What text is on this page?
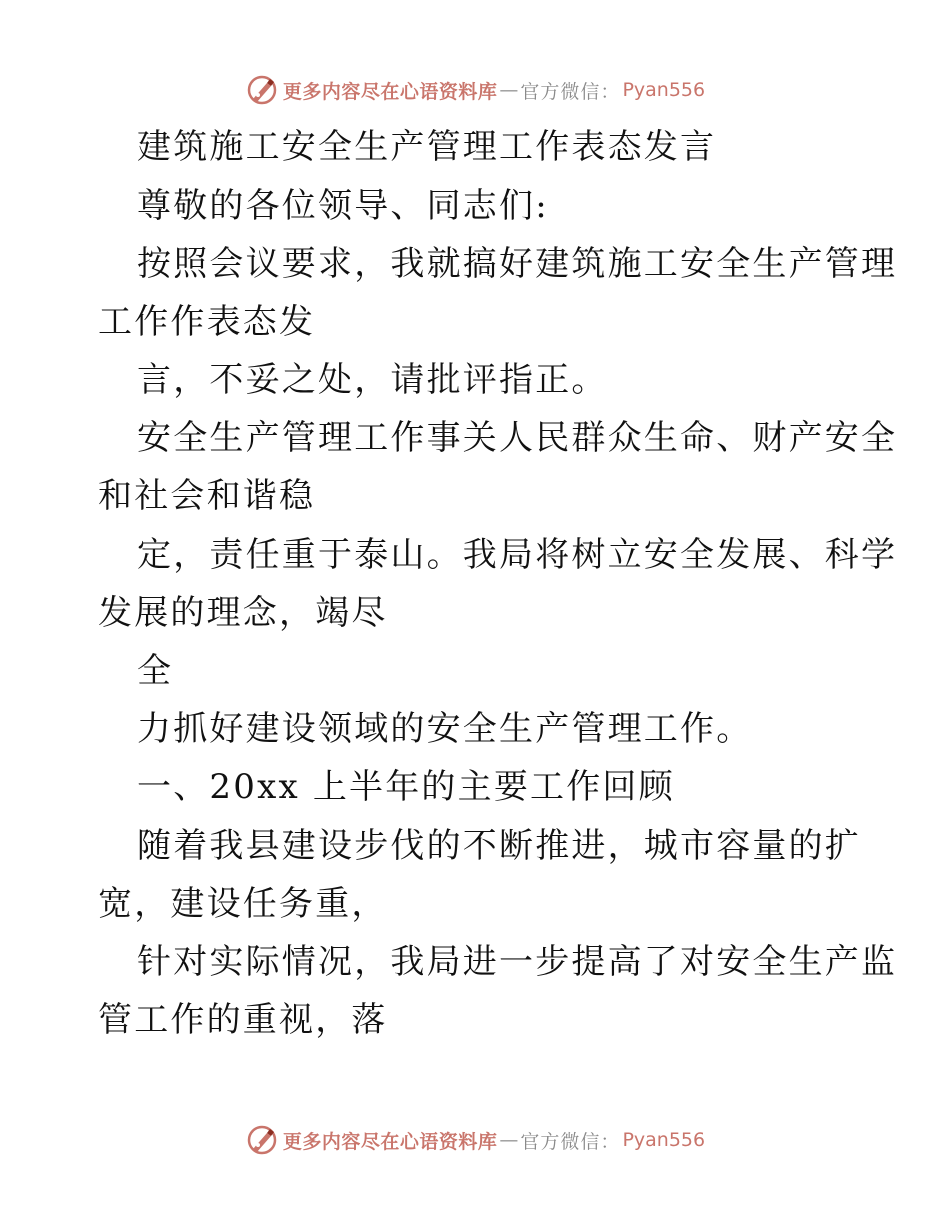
更多内容尽在心语资料库 — 官方微信： Pyan556
建筑施工安全生产管理工作表态发言
尊敬的各位领导、同志们:
按照会议要求，我就搞好建筑施工安全生产管理
工作作表态发
言，不妥之处，请批评指正。
安全生产管理工作事关人民群众生命、财产安全
和社会和谐稳
定，责任重于泰山。我局将树立安全发展、科学
发展的理念，竭尽
全
力抓好建设领域的安全生产管理工作。
一、20xx 上半年的主要工作回顾
随着我县建设步伐的不断推进，城市容量的扩
宽，建设任务重，
针对实际情况，我局进一步提高了对安全生产监
管工作的重视，落
更多内容尽在心语资料库 — 官方微信： Pyan556
